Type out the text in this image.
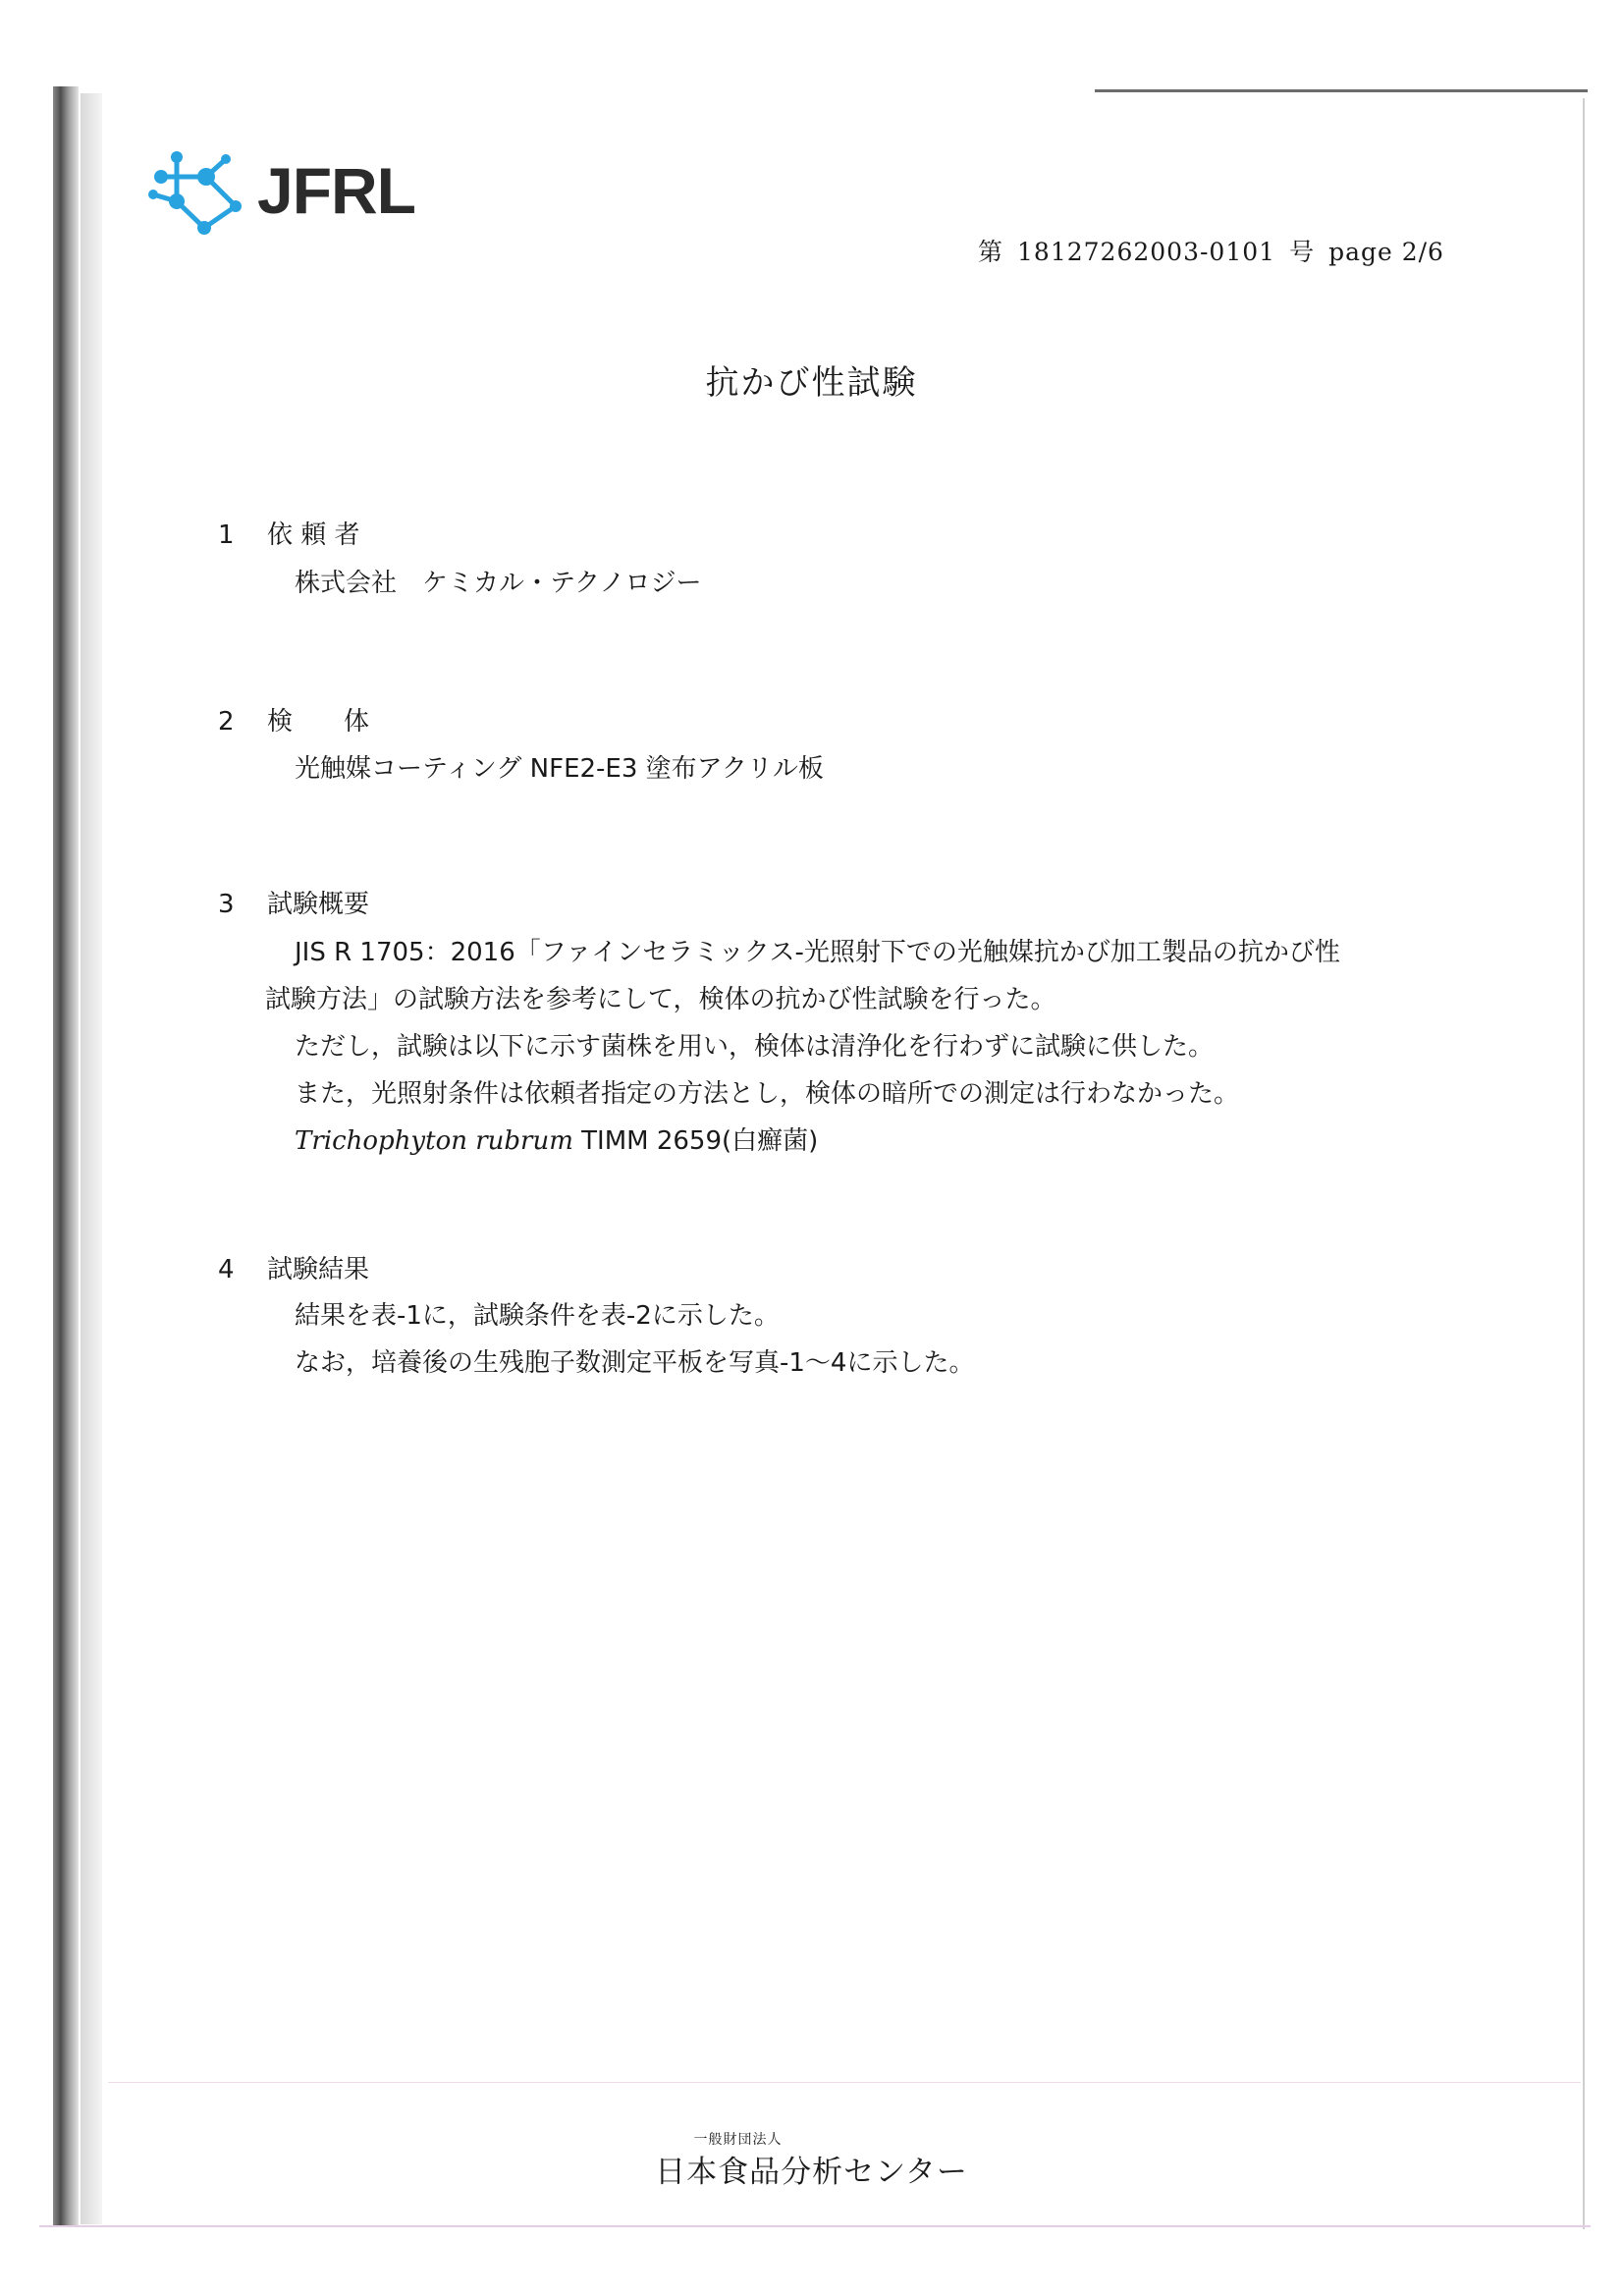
JFRL
第 18127262003-0101 号 page 2/6
抗かび性試験
1 依 頼 者
株式会社　ケミカル・テクノロジー
2 検　　体
光触媒コーティング NFE2-E3 塗布アクリル板
3 試験概要
JIS R 1705：2016「ファインセラミックス-光照射下での光触媒抗かび加工製品の抗かび性
試験方法」の試験方法を参考にして，検体の抗かび性試験を行った。
ただし，試験は以下に示す菌株を用い，検体は清浄化を行わずに試験に供した。
また，光照射条件は依頼者指定の方法とし，検体の暗所での測定は行わなかった。
Trichophyton rubrum TIMM 2659(白癬菌)
4 試験結果
結果を表-1に，試験条件を表-2に示した。
なお，培養後の生残胞子数測定平板を写真-1～4に示した。
一般財団法人
日本食品分析センター
